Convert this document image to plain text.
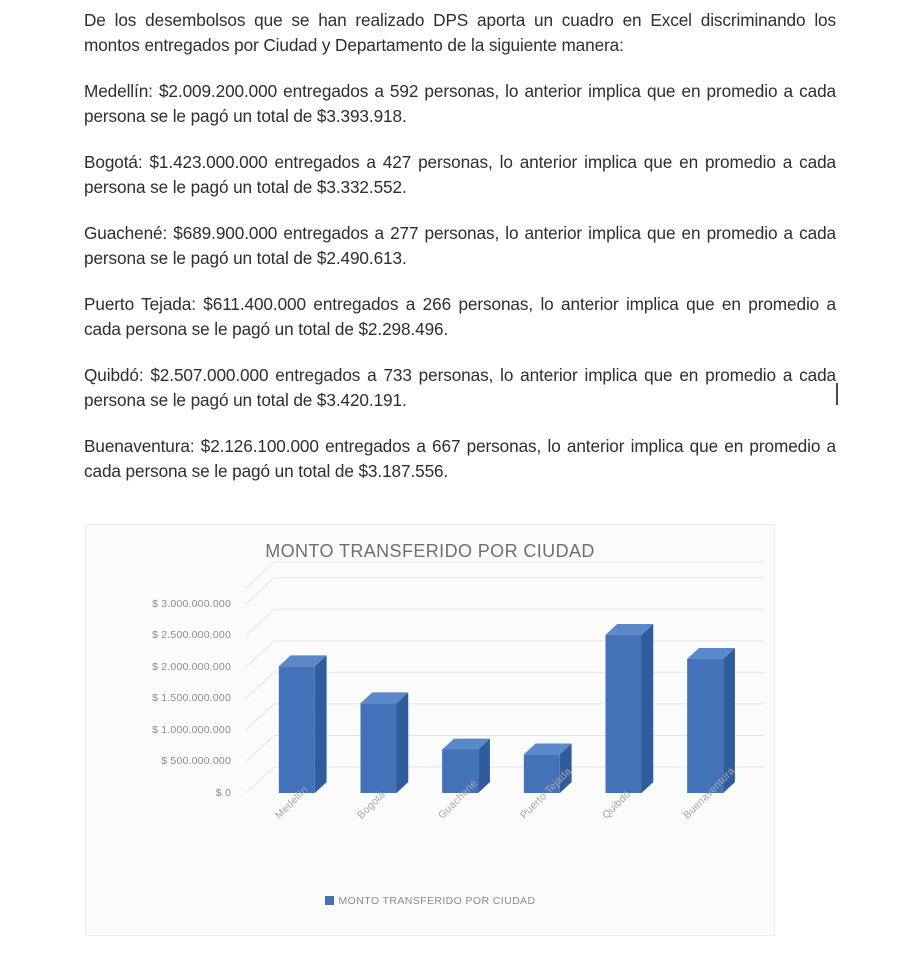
De los desembolsos que se han realizado DPS aporta un cuadro en Excel discriminando los montos entregados por Ciudad y Departamento de la siguiente manera:

Medellín: $2.009.200.000 entregados a 592 personas, lo anterior implica que en promedio a cada persona se le pagó un total de $3.393.918.

Bogotá: $1.423.000.000 entregados a 427 personas, lo anterior implica que en promedio a cada persona se le pagó un total de $3.332.552.

Guachené: $689.900.000 entregados a 277 personas, lo anterior implica que en promedio a cada persona se le pagó un total de $2.490.613.

Puerto Tejada: $611.400.000 entregados a 266 personas, lo anterior implica que en promedio a cada persona se le pagó un total de $2.298.496.

Quibdó: $2.507.000.000 entregados a 733 personas, lo anterior implica que en promedio a cada persona se le pagó un total de $3.420.191.

Buenaventura: $2.126.100.000 entregados a 667 personas, lo anterior implica que en promedio a cada persona se le pagó un total de $3.187.556.

MONTO TRANSFERIDO POR CIUDAD
$ 0
$ 500.000.000
$ 1.000.000.000
$ 1.500.000.000
$ 2.000.000.000
$ 2.500.000.000
$ 3.000.000.000
Medellín	Bogotá	Guachené	Puerto Tejada Quibdó	Buenaventura
MONTO TRANSFERIDO POR CIUDAD
